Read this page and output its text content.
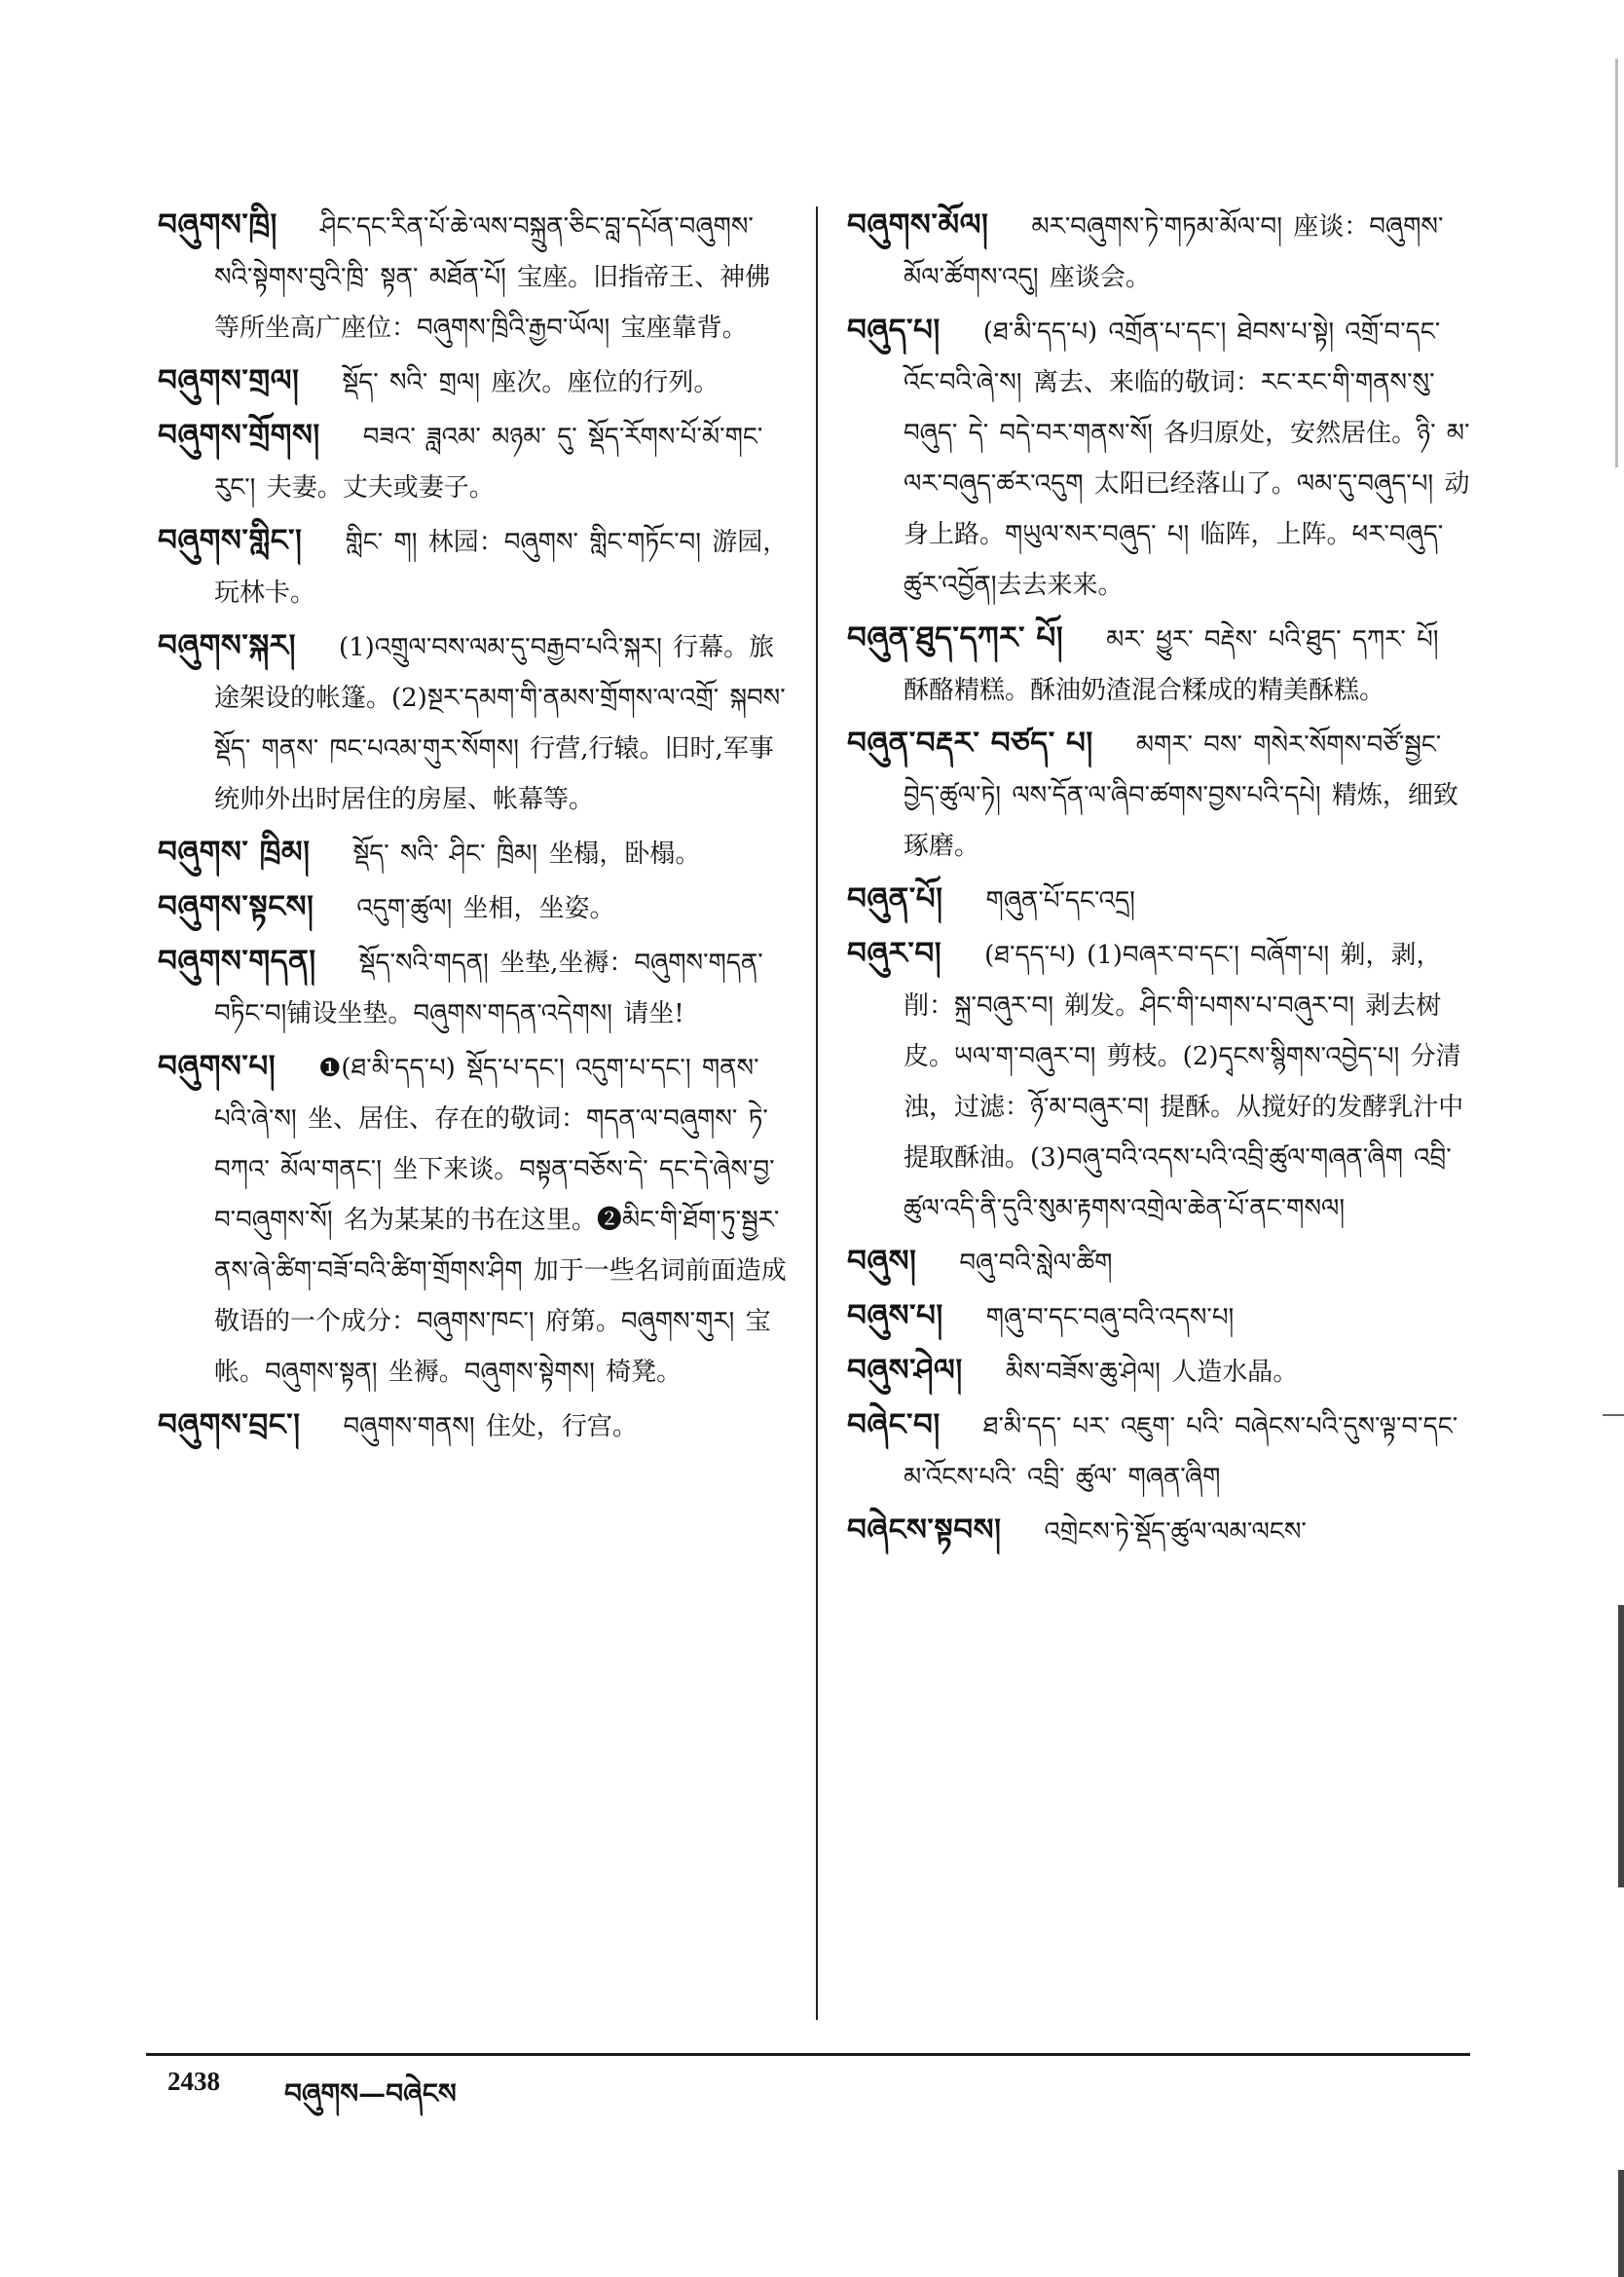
བཞུགས་ཁྲི། ཤིང་དང་རིན་པོ་ཆེ་ལས་བསྐྲུན་ཅིང་བླ་དཔོན་བཞུགས་སའི་སྟེགས་བུའི་ཁྲི་ སྟན་ མཐོན་པོ། 宝座。旧指帝王、神佛等所坐高广座位：བཞུགས་ཁྲིའི་རྒྱབ་ཡོལ། 宝座靠背。
བཞུགས་གྲལ། སྡོད་ སའི་ གྲལ། 座次。座位的行列。
བཞུགས་གྲོགས། བཟའ་ ཟླའམ་ མཉམ་ དུ་ སྡོད་རོགས་པོ་མོ་གང་རུང་། 夫妻。丈夫或妻子。
བཞུགས་གླིང་། གླིང་ ག། 林园：བཞུགས་ གླིང་གཏོང་བ། 游园，玩林卡。
བཞུགས་སྐར། (1)འགྲུལ་བས་ལམ་དུ་བརྒྱབ་པའི་སྐར། 行幕。旅途架设的帐篷。(2)སྔར་དམག་གི་ནམས་གྲོགས་ལ་འགྲོ་ སྐབས་ སྡོད་ གནས་ ཁང་པའམ་གུར་སོགས། 行营,行辕。旧时,军事统帅外出时居住的房屋、帐幕等。
བཞུགས་ ཁྲིམ། སྡོད་ སའི་ ཤིང་ ཁྲིམ། 坐榻，卧榻。
བཞུགས་སྟངས། འདུག་ཚུལ། 坐相，坐姿。
བཞུགས་གདན། སྡོད་སའི་གདན། 坐垫,坐褥：བཞུགས་གདན་བཏིང་བ།铺设坐垫。བཞུགས་གདན་འདེགས། 请坐!
བཞུགས་པ། ❶(ཐ་མི་དད་པ) སྡོད་པ་དང་། འདུག་པ་དང་། གནས་པའི་ཞེ་ས། 坐、居住、存在的敬词：གདན་ལ་བཞུགས་ ཏེ་ བཀའ་ མོལ་གནང་། 坐下来谈。བསྟན་བཅོས་དེ་ དང་དེ་ཞེས་བྱ་བ་བཞུགས་སོ། 名为某某的书在这里。❷མིང་གི་ཐོག་ཏུ་སྦྱར་ནས་ཞེ་ཚིག་བཟོ་བའི་ཚིག་གྲོགས་ཤིག 加于一些名词前面造成敬语的一个成分：བཞུགས་ཁང་། 府第。བཞུགས་གུར། 宝帐。བཞུགས་སྟན། 坐褥。བཞུགས་སྟེགས། 椅凳。
བཞུགས་བྲང་། བཞུགས་གནས། 住处，行宫。
བཞུགས་མོལ། མར་བཞུགས་ཏེ་གཏམ་མོལ་བ། 座谈：བཞུགས་མོལ་ཚོགས་འདུ། 座谈会。
བཞུད་པ། (ཐ་མི་དད་པ) འགྲོན་པ་དང་། ཐེབས་པ་སྟེ། འགྲོ་བ་དང་འོང་བའི་ཞེ་ས། 离去、来临的敬词：རང་རང་གི་གནས་སུ་ བཞུད་ དེ་ བདེ་བར་གནས་སོ། 各归原处，安然居住。ཉི་ མ་ལར་བཞུད་ཚར་འདུག 太阳已经落山了。ལམ་དུ་བཞུད་པ། 动身上路。གཡུལ་སར་བཞུད་ པ། 临阵，上阵。ཕར་བཞུད་ཚུར་འབྱོན།去去来来。
བཞུན་ཐུད་དཀར་ པོ། མར་ ཕྱུར་ བརྡེས་ པའི་ཐུད་ དཀར་ པོ། 酥酪精糕。酥油奶渣混合糅成的精美酥糕。
བཞུན་བརྡར་ བཙད་ པ། མགར་ བས་ གསེར་སོགས་བཙོ་སྦྱང་བྱེད་ཚུལ་ཏེ། ལས་དོན་ལ་ཞིབ་ཚགས་བྱས་པའི་དཔེ། 精炼，细致琢磨。
བཞུན་པོ། གཞུན་པོ་དང་འདྲ།
བཞུར་བ། (ཐ་དད་པ) (1)བཞར་བ་དང་། བཞོག་པ། 剃，剥，削：སྐྲ་བཞུར་བ། 剃发。ཤིང་གི་པགས་པ་བཞུར་བ། 剥去树皮。ཡལ་ག་བཞུར་བ། 剪枝。(2)དྭངས་སྙིགས་འབྱེད་པ། 分清浊，过滤：ཉོ་མ་བཞུར་བ། 提酥。从搅好的发酵乳汁中提取酥油。(3)བཞུ་བའི་འདས་པའི་འབྲི་ཚུལ་གཞན་ཞིག འབྲི་ཚུལ་འདི་ནི་དུའི་སུམ་རྟགས་འགྲེལ་ཆེན་པོ་ནང་གསལ།
བཞུས། བཞུ་བའི་སླེལ་ཚིག
བཞུས་པ། གཞུ་བ་དང་བཞུ་བའི་འདས་པ།
བཞུས་ཤེལ། མིས་བཟོས་ཆུ་ཤེལ། 人造水晶。
བཞེང་བ། ཐ་མི་དད་ པར་ འཇུག་ པའི་ བཞེངས་པའི་དུས་ལྟ་བ་དང་མ་འོངས་པའི་ འབྲི་ ཚུལ་ གཞན་ཞིག
བཞེངས་སྟབས། འགྲེངས་ཏེ་སྡོད་ཚུལ་ལམ་ལངས་
2438 བཞུགས—བཞེངས
